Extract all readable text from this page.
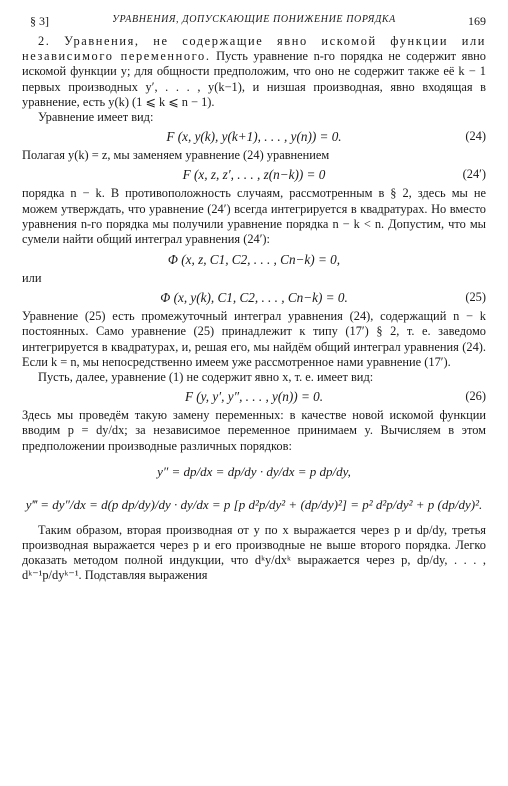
§ 3]	УРАВНЕНИЯ, ДОПУСКАЮЩИЕ ПОНИЖЕНИЕ ПОРЯДКА	169

2. Уравнения, не содержащие явно искомой функции или независимого переменного. Пусть уравнение n-го порядка не содержит явно искомой функции y; для общности предположим, что оно не содержит также её k − 1 первых производных y′, . . . , y(k−1), и низшая производная, явно входящая в уравнение, есть y(k) (1 ⩽ k ⩽ n − 1).

Уравнение имеет вид:

F (x, y(k), y(k+1), . . . , y(n)) = 0.	(24)

Полагая y(k) = z, мы заменяем уравнение (24) уравнением

F (x, z, z′, . . . , z(n−k)) = 0	(24′)

порядка n − k. В противоположность случаям, рассмотренным в § 2, здесь мы не можем утверждать, что уравнение (24′) всегда интегрируется в квадратурах. Но вместо уравнения n-го порядка мы получили уравнение порядка n − k < n. Допустим, что мы сумели найти общий интеграл уравнения (24′):

Φ (x, z, C1, C2, . . . , Cn−k) = 0,

или

Φ (x, y(k), C1, C2, . . . , Cn−k) = 0.	(25)

Уравнение (25) есть промежуточный интеграл уравнения (24), содержащий n − k постоянных. Само уравнение (25) принадлежит к типу (17′) § 2, т. е. заведомо интегрируется в квадратурах, и, решая его, мы найдём общий интеграл уравнения (24). Если k = n, мы непосредственно имеем уже рассмотренное нами уравнение (17′).

Пусть, далее, уравнение (1) не содержит явно x, т. е. имеет вид:

F (y, y′, y″, . . . , y(n)) = 0.	(26)

Здесь мы проведём такую замену переменных: в качестве новой искомой функции вводим p = dy/dx; за независимое переменное принимаем y. Вычисляем в этом предположении производные различных порядков:

y″ = dp/dx = dp/dy · dy/dx = p dp/dy,
y‴ = dy″/dx = d(p dp/dy)/dy · dy/dx = p [p d²p/dy² + (dp/dy)²] = p² d²p/dy² + p (dp/dy)².

Таким образом, вторая производная от y по x выражается через p и dp/dy, третья производная выражается через p и его производные не выше второго порядка. Легко доказать методом полной индукции, что dᵏy/dxᵏ выражается через p, dp/dy, . . . , dᵏ⁻¹p/dyᵏ⁻¹. Подставляя выражения
